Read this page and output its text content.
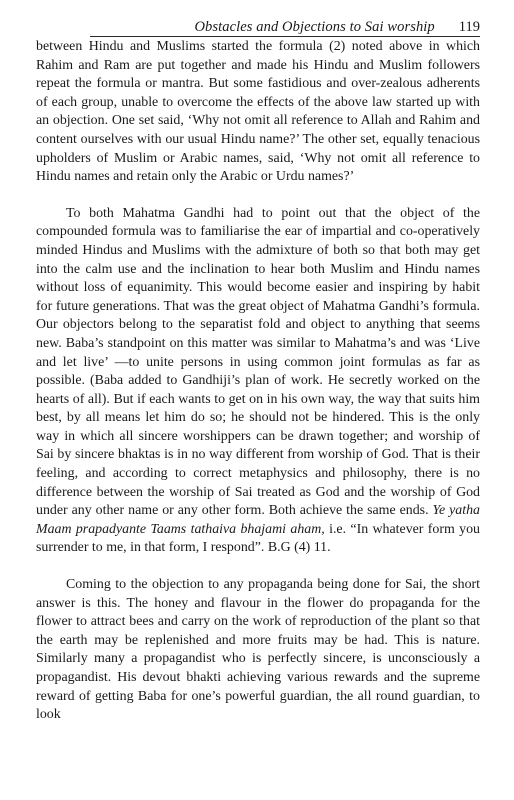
Obstacles and Objections to Sai worship 119

between Hindu and Muslims started the formula (2) noted above in which Rahim and Ram are put together and made his Hindu and Muslim followers repeat the formula or mantra. But some fastidious and over-zealous adherents of each group, unable to overcome the effects of the above law started up with an objection. One set said, ‘Why not omit all reference to Allah and Rahim and content ourselves with our usual Hindu name?’ The other set, equally tenacious upholders of Muslim or Arabic names, said, ‘Why not omit all reference to Hindu names and retain only the Arabic or Urdu names?’

To both Mahatma Gandhi had to point out that the object of the compounded formula was to familiarise the ear of impartial and co-operatively minded Hindus and Muslims with the admixture of both so that both may get into the calm use and the inclination to hear both Muslim and Hindu names without loss of equanimity. This would become easier and inspiring by habit for future generations. That was the great object of Mahatma Gandhi’s formula. Our objectors belong to the separatist fold and object to anything that seems new. Baba’s standpoint on this matter was similar to Mahatma’s and was ‘Live and let live’ —to unite persons in using common joint formulas as far as possible. (Baba added to Gandhiji’s plan of work. He secretly worked on the hearts of all). But if each wants to get on in his own way, the way that suits him best, by all means let him do so; he should not be hindered. This is the only way in which all sincere worshippers can be drawn together; and worship of Sai by sincere bhaktas is in no way different from worship of God. That is their feeling, and according to correct metaphysics and philosophy, there is no difference between the worship of Sai treated as God and the worship of God under any other name or any other form. Both achieve the same ends. Ye yatha Maam prapadyante Taams tathaiva bhajami aham, i.e. “In whatever form you surrender to me, in that form, I respond”. B.G (4) 11.

Coming to the objection to any propaganda being done for Sai, the short answer is this. The honey and flavour in the flower do propaganda for the flower to attract bees and carry on the work of reproduction of the plant so that the earth may be replenished and more fruits may be had. This is nature. Similarly many a propagandist who is perfectly sincere, is unconsciously a propagandist. His devout bhakti achieving various rewards and the supreme reward of getting Baba for one’s powerful guardian, the all round guardian, to look
